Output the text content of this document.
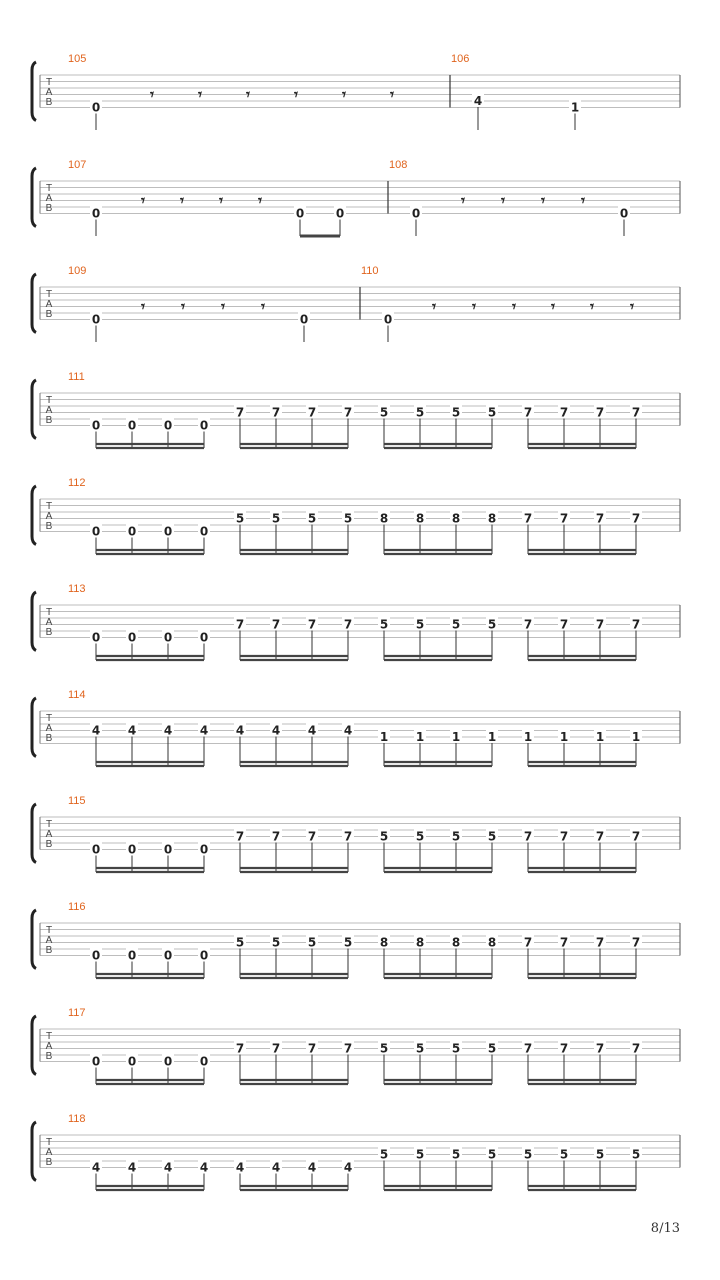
T
A
B
105
0
𝄾	𝄾	𝄾	𝄾	𝄾	𝄾
106
4	1
T
A
B
107
0
𝄾 𝄾 𝄾 𝄾
0	0
108
0
𝄾 𝄾 𝄾 𝄾
0
T
A
B
109
0
𝄾 𝄾 𝄾 𝄾
0
110
0
𝄾 𝄾 𝄾 𝄾 𝄾 𝄾
T
A
B
111
0 0 0 0
7 7 7 7 5 5 5 5 7 7 7 7
T
A
B
112
0 0 0 0
5 5 5 5 8 8 8 8 7 7 7 7
T
A
B
113
0 0 0 0
7 7 7 7 5 5 5 5 7 7 7 7
T
A
B
114
4 4 4 4 4 4 4 4 1 1 1 1 1 1 1 1
T
A
B
115
0 0 0 0
7 7 7 7 5 5 5 5 7 7 7 7
T
A
B
116
0 0 0 0
5 5 5 5 8 8 8 8 7 7 7 7
T
A
B
117
0 0 0 0
7 7 7 7 5 5 5 5 7 7 7 7
T
A
B
118
4 4 4 4 4 4 4 4
5 5 5 5 5 5 5 5
8/13
